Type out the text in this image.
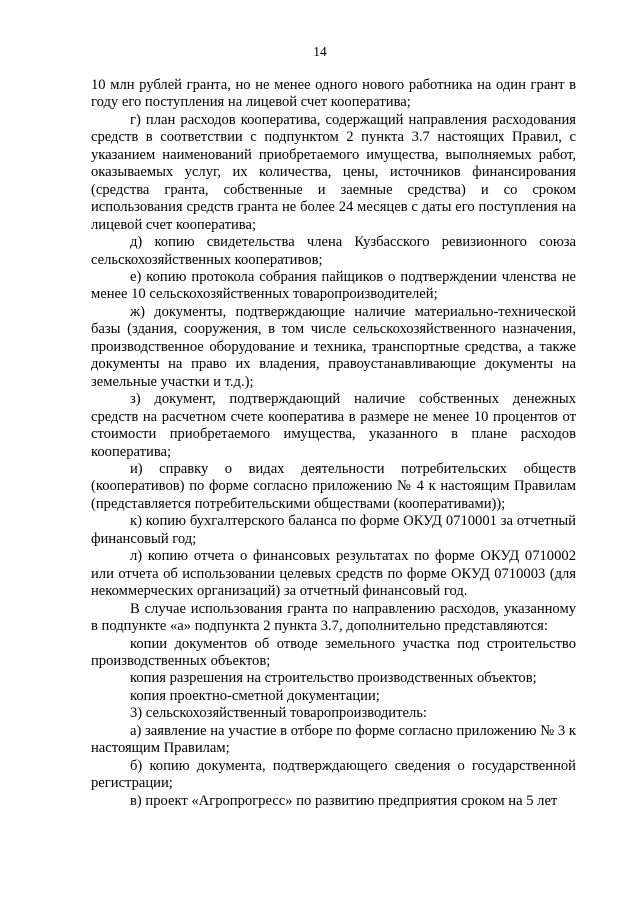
14

10 млн рублей гранта, но не менее одного нового работника на один грант в году его поступления на лицевой счет кооператива;

г) план расходов кооператива, содержащий направления расходования средств в соответствии с подпунктом 2 пункта 3.7 настоящих Правил, с указанием наименований приобретаемого имущества, выполняемых работ, оказываемых услуг, их количества, цены, источников финансирования (средства гранта, собственные и заемные средства) и со сроком использования средств гранта не более 24 месяцев с даты его поступления на лицевой счет кооператива;

д) копию свидетельства члена Кузбасского ревизионного союза сельскохозяйственных кооперативов;

е) копию протокола собрания пайщиков о подтверждении членства не менее 10 сельскохозяйственных товаропроизводителей;

ж) документы, подтверждающие наличие материально-технической базы (здания, сооружения, в том числе сельскохозяйственного назначения, производственное оборудование и техника, транспортные средства, а также документы на право их владения, правоустанавливающие документы на земельные участки и т.д.);

з) документ, подтверждающий наличие собственных денежных средств на расчетном счете кооператива в размере не менее 10 процентов от стоимости приобретаемого имущества, указанного в плане расходов кооператива;

и) справку о видах деятельности потребительских обществ (кооперативов) по форме согласно приложению № 4 к настоящим Правилам (представляется потребительскими обществами (кооперативами));

к) копию бухгалтерского баланса по форме ОКУД 0710001 за отчетный финансовый год;

л) копию отчета о финансовых результатах по форме ОКУД 0710002 или отчета об использовании целевых средств по форме ОКУД 0710003 (для некоммерческих организаций) за отчетный финансовый год.

В случае использования гранта по направлению расходов, указанному в подпункте «а» подпункта 2 пункта 3.7, дополнительно представляются:

копии документов об отводе земельного участка под строительство производственных объектов;

копия разрешения на строительство производственных объектов;

копия проектно-сметной документации;

3) сельскохозяйственный товаропроизводитель:

а) заявление на участие в отборе по форме согласно приложению № 3 к настоящим Правилам;

б) копию документа, подтверждающего сведения о государственной регистрации;

в) проект «Агропрогресс» по развитию предприятия сроком на 5 лет
